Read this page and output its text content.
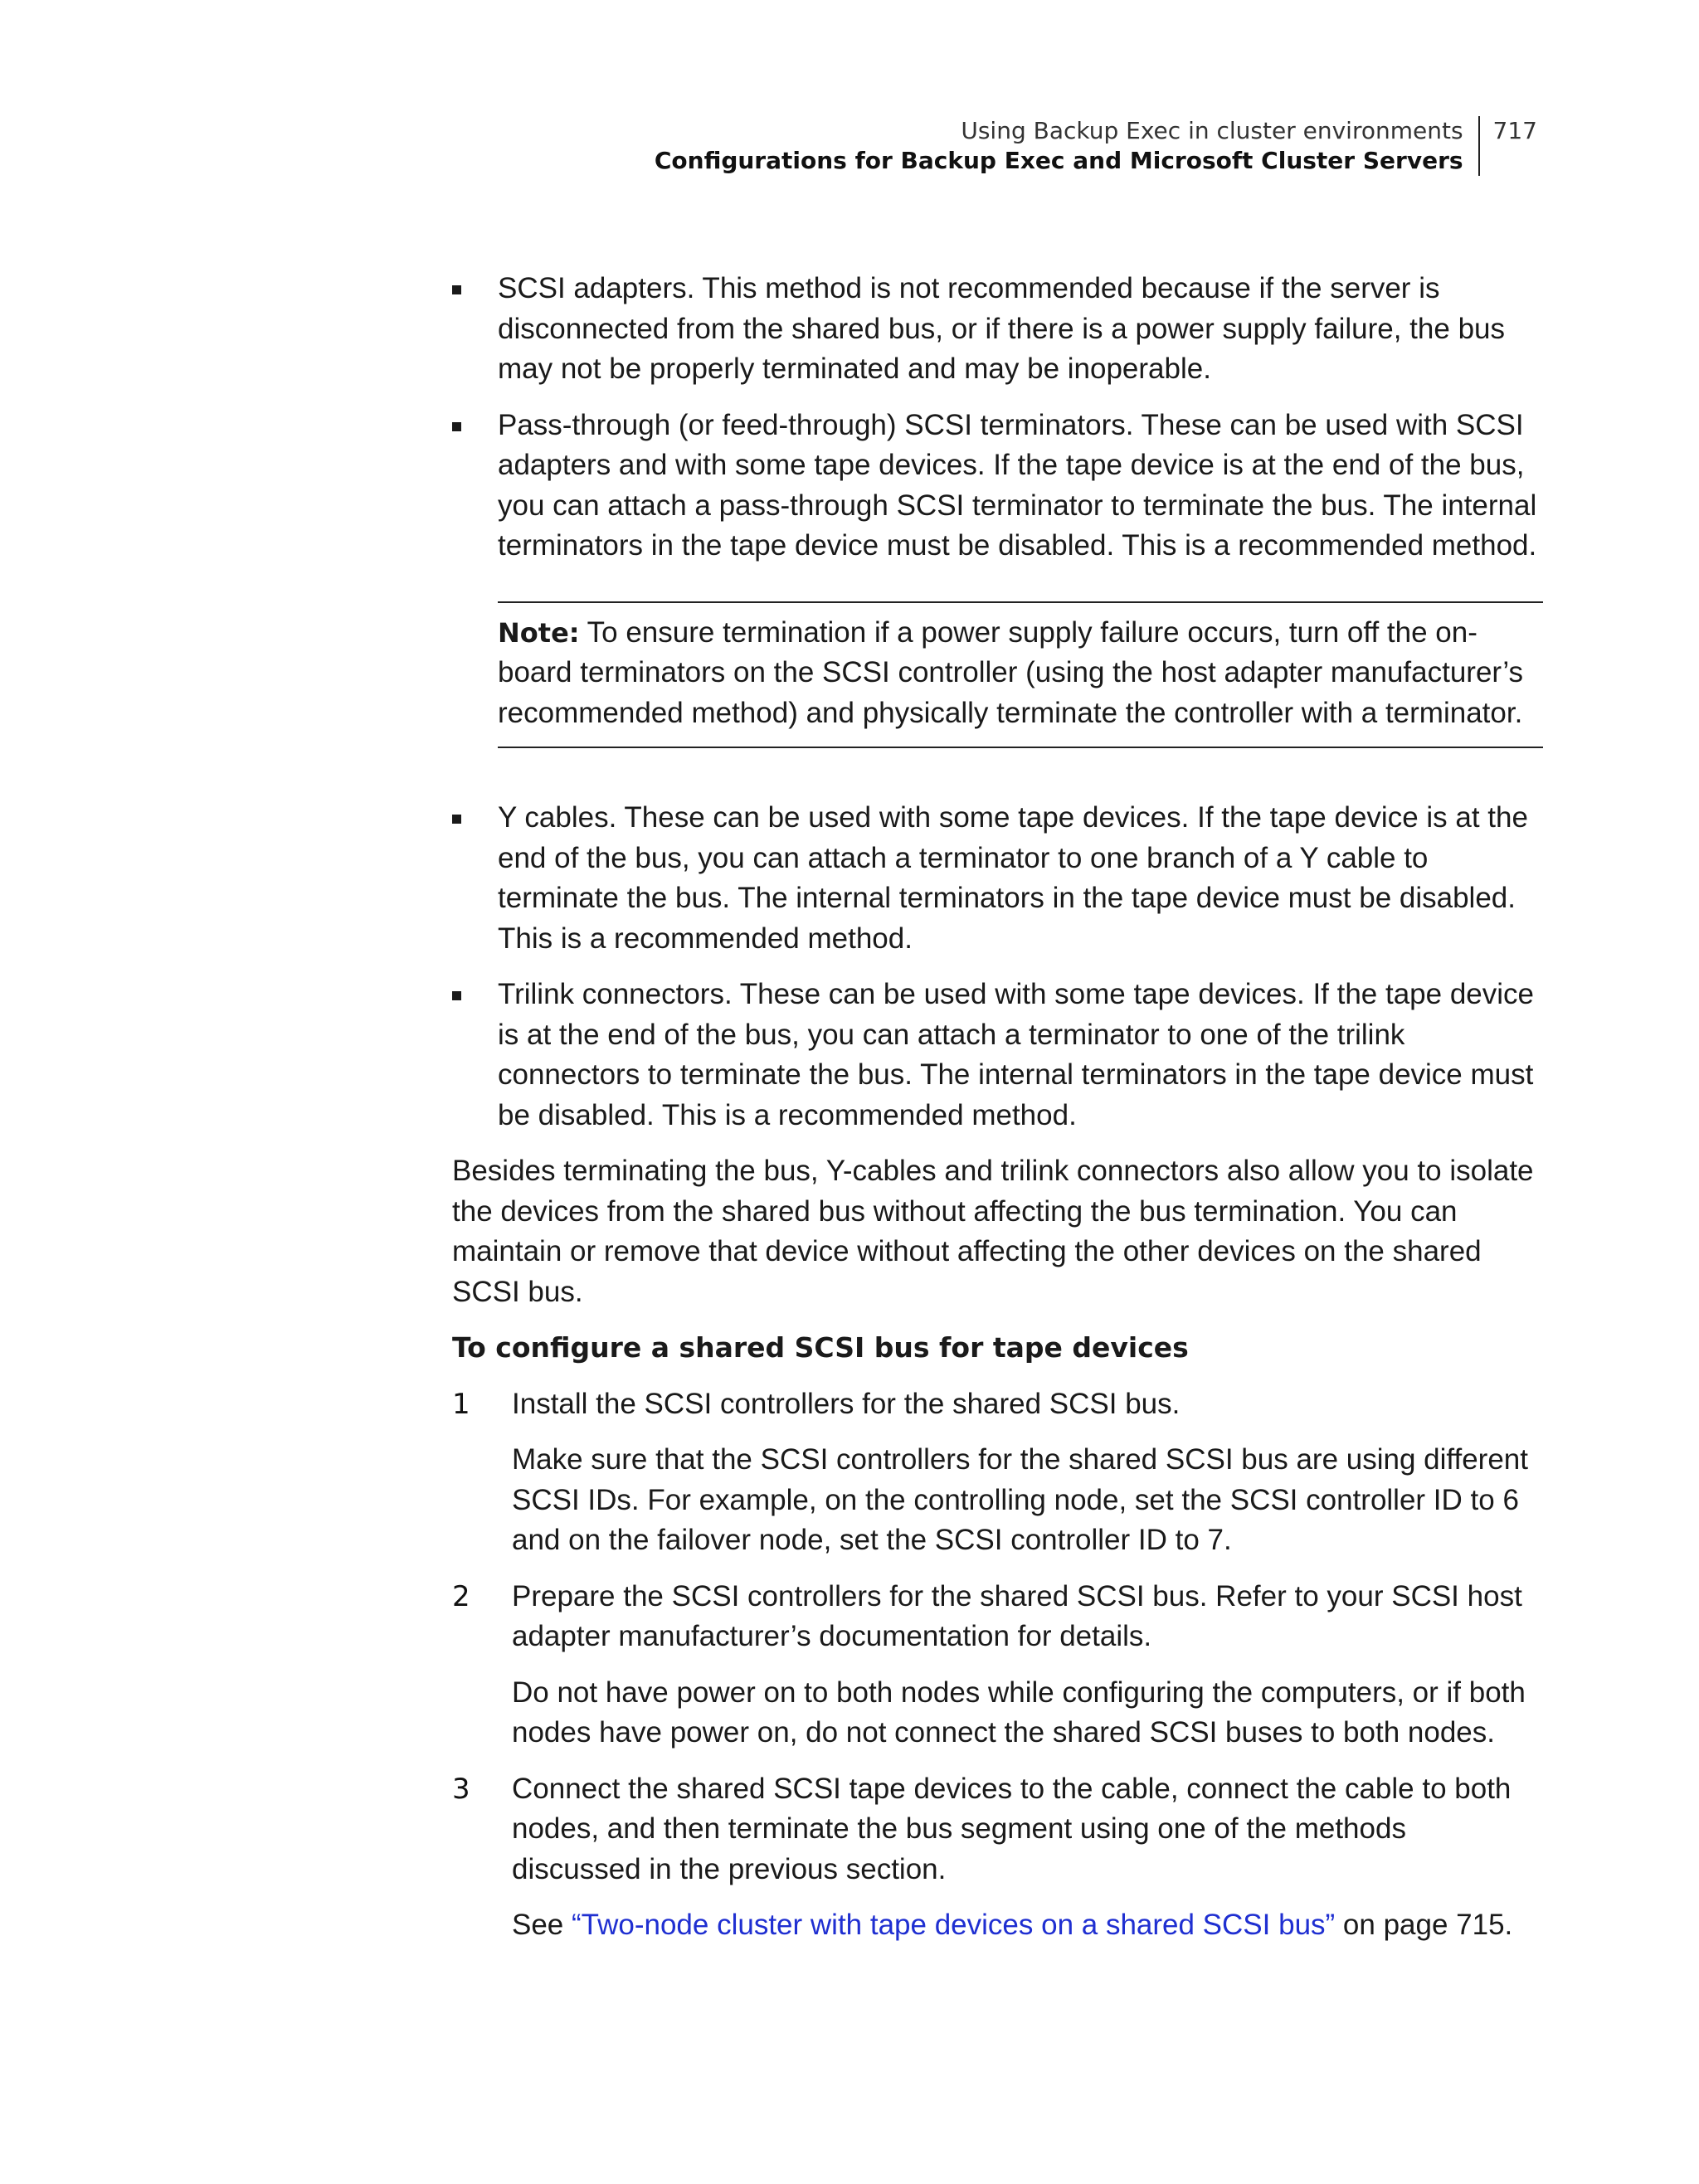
Using Backup Exec in cluster environments
Configurations for Backup Exec and Microsoft Cluster Servers
717
SCSI adapters. This method is not recommended because if the server is disconnected from the shared bus, or if there is a power supply failure, the bus may not be properly terminated and may be inoperable.
Pass-through (or feed-through) SCSI terminators. These can be used with SCSI adapters and with some tape devices. If the tape device is at the end of the bus, you can attach a pass-through SCSI terminator to terminate the bus. The internal terminators in the tape device must be disabled. This is a recommended method.
Note: To ensure termination if a power supply failure occurs, turn off the on-board terminators on the SCSI controller (using the host adapter manufacturer’s recommended method) and physically terminate the controller with a terminator.
Y cables. These can be used with some tape devices. If the tape device is at the end of the bus, you can attach a terminator to one branch of a Y cable to terminate the bus. The internal terminators in the tape device must be disabled. This is a recommended method.
Trilink connectors. These can be used with some tape devices. If the tape device is at the end of the bus, you can attach a terminator to one of the trilink connectors to terminate the bus. The internal terminators in the tape device must be disabled. This is a recommended method.

Besides terminating the bus, Y-cables and trilink connectors also allow you to isolate the devices from the shared bus without affecting the bus termination. You can maintain or remove that device without affecting the other devices on the shared SCSI bus.

To configure a shared SCSI bus for tape devices
1 Install the SCSI controllers for the shared SCSI bus.

Make sure that the SCSI controllers for the shared SCSI bus are using different SCSI IDs. For example, on the controlling node, set the SCSI controller ID to 6 and on the failover node, set the SCSI controller ID to 7.

2 Prepare the SCSI controllers for the shared SCSI bus. Refer to your SCSI host adapter manufacturer’s documentation for details.

Do not have power on to both nodes while configuring the computers, or if both nodes have power on, do not connect the shared SCSI buses to both nodes.

3 Connect the shared SCSI tape devices to the cable, connect the cable to both nodes, and then terminate the bus segment using one of the methods discussed in the previous section.

See “Two-node cluster with tape devices on a shared SCSI bus” on page 715.
